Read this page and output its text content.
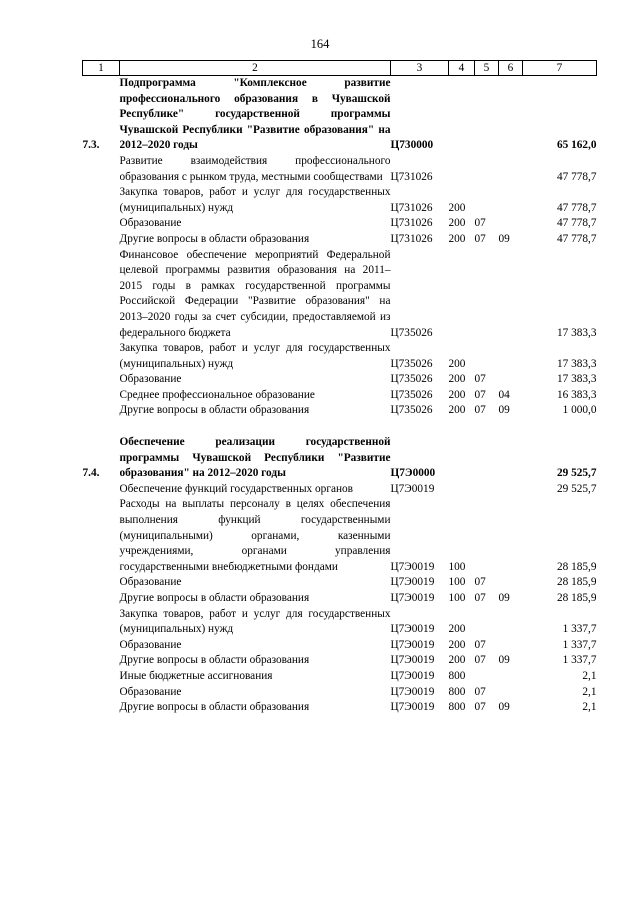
164
1	2	3	4	5	6	7
7.3.	Подпрограмма "Комплексное развитие профессионального образования в Чувашской Республике" государственной программы Чувашской Республики "Развитие образования" на 2012–2020 годы	Ц730000				65 162,0
	Развитие взаимодействия профессионального образования с рынком труда, местными сообществами	Ц731026				47 778,7
	Закупка товаров, работ и услуг для государственных (муниципальных) нужд	Ц731026	200			47 778,7
	Образование	Ц731026	200	07		47 778,7
	Другие вопросы в области образования	Ц731026	200	07	09	47 778,7
	Финансовое обеспечение мероприятий Федеральной целевой программы развития образования на 2011–2015 годы в рамках государственной программы Российской Федерации "Развитие образования" на 2013–2020 годы за счет субсидии, предоставляемой из федерального бюджета	Ц735026				17 383,3
	Закупка товаров, работ и услуг для государственных (муниципальных) нужд	Ц735026	200			17 383,3
	Образование	Ц735026	200	07		17 383,3
	Среднее профессиональное образование	Ц735026	200	07	04	16 383,3
	Другие вопросы в области образования	Ц735026	200	07	09	1 000,0

7.4.	Обеспечение реализации государственной программы Чувашской Республики "Развитие образования" на 2012–2020 годы	Ц7Э0000				29 525,7
	Обеспечение функций государственных органов	Ц7Э0019				29 525,7
	Расходы на выплаты персоналу в целях обеспечения выполнения функций государственными (муниципальными) органами, казенными учреждениями, органами управления государственными внебюджетными фондами	Ц7Э0019	100			28 185,9
	Образование	Ц7Э0019	100	07		28 185,9
	Другие вопросы в области образования	Ц7Э0019	100	07	09	28 185,9
	Закупка товаров, работ и услуг для государственных (муниципальных) нужд	Ц7Э0019	200			1 337,7
	Образование	Ц7Э0019	200	07		1 337,7
	Другие вопросы в области образования	Ц7Э0019	200	07	09	1 337,7
	Иные бюджетные ассигнования	Ц7Э0019	800			2,1
	Образование	Ц7Э0019	800	07		2,1
	Другие вопросы в области образования	Ц7Э0019	800	07	09	2,1
